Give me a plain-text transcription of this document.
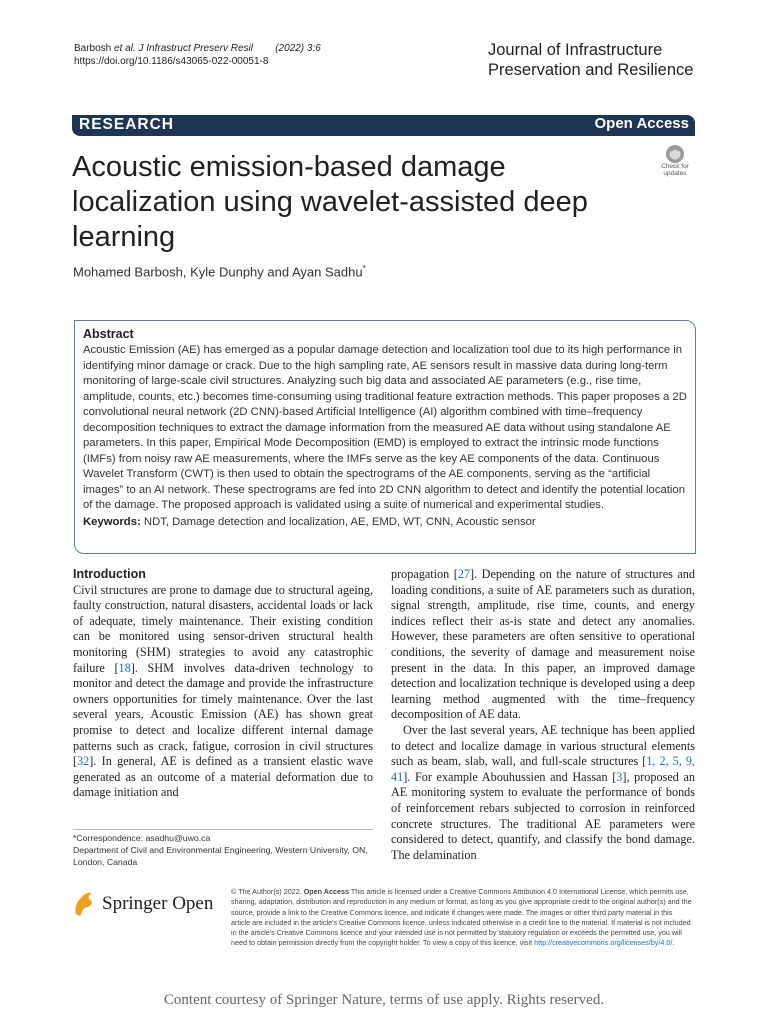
Barbosh et al. J Infrastruct Preserv Resil (2022) 3:6
https://doi.org/10.1186/s43065-022-00051-8
Journal of Infrastructure
Preservation and Resilience
RESEARCH	Open Access
Acoustic emission-based damage localization using wavelet-assisted deep learning
Check for
updates
Mohamed Barbosh, Kyle Dunphy and Ayan Sadhu*
Abstract

Acoustic Emission (AE) has emerged as a popular damage detection and localization tool due to its high performance in identifying minor damage or crack. Due to the high sampling rate, AE sensors result in massive data during long-term monitoring of large-scale civil structures. Analyzing such big data and associated AE parameters (e.g., rise time, amplitude, counts, etc.) becomes time-consuming using traditional feature extraction methods. This paper proposes a 2D convolutional neural network (2D CNN)-based Artificial Intelligence (AI) algorithm combined with time–frequency decomposition techniques to extract the damage information from the measured AE data without using standalone AE parameters. In this paper, Empirical Mode Decomposition (EMD) is employed to extract the intrinsic mode functions (IMFs) from noisy raw AE measurements, where the IMFs serve as the key AE components of the data. Continuous Wavelet Transform (CWT) is then used to obtain the spectrograms of the AE components, serving as the “artificial images” to an AI network. These spectrograms are fed into 2D CNN algorithm to detect and identify the potential location of the damage. The proposed approach is validated using a suite of numerical and experimental studies.

Keywords: NDT, Damage detection and localization, AE, EMD, WT, CNN, Acoustic sensor
Introduction

Civil structures are prone to damage due to structural ageing, faulty construction, natural disasters, accidental loads or lack of adequate, timely maintenance. Their existing condition can be monitored using sensor-driven structural health monitoring (SHM) strategies to avoid any catastrophic failure [18]. SHM involves data-driven technology to monitor and detect the damage and provide the infrastructure owners opportunities for timely maintenance. Over the last several years, Acoustic Emission (AE) has shown great promise to detect and localize different internal damage patterns such as crack, fatigue, corrosion in civil structures [32]. In general, AE is defined as a transient elastic wave generated as an outcome of a material deformation due to damage initiation and

propagation [27]. Depending on the nature of structures and loading conditions, a suite of AE parameters such as duration, signal strength, amplitude, rise time, counts, and energy indices reflect their as-is state and detect any anomalies. However, these parameters are often sensitive to operational conditions, the severity of damage and measurement noise present in the data. In this paper, an improved damage detection and localization technique is developed using a deep learning method augmented with the time–frequency decomposition of AE data.

Over the last several years, AE technique has been applied to detect and localize damage in various structural elements such as beam, slab, wall, and full-scale structures [1, 2, 5, 9, 41]. For example Abouhussien and Hassan [3], proposed an AE monitoring system to evaluate the performance of bonds of reinforcement rebars subjected to corrosion in reinforced concrete structures. The traditional AE parameters were considered to detect, quantify, and classify the bond damage. The delamination

*Correspondence: asadhu@uwo.ca
Department of Civil and Environmental Engineering, Western University, ON, London, Canada
Springer Open
© The Author(s) 2022. Open Access This article is licensed under a Creative Commons Attribution 4.0 International License, which permits use, sharing, adaptation, distribution and reproduction in any medium or format, as long as you give appropriate credit to the original author(s) and the source, provide a link to the Creative Commons licence, and indicate if changes were made. The images or other third party material in this article are included in the article's Creative Commons licence, unless indicated otherwise in a credit line to the material. If material is not included in the article's Creative Commons licence and your intended use is not permitted by statutory regulation or exceeds the permitted use, you will need to obtain permission directly from the copyright holder. To view a copy of this licence, visit http://creativecommons.org/licenses/by/4.0/.
Content courtesy of Springer Nature, terms of use apply. Rights reserved.
